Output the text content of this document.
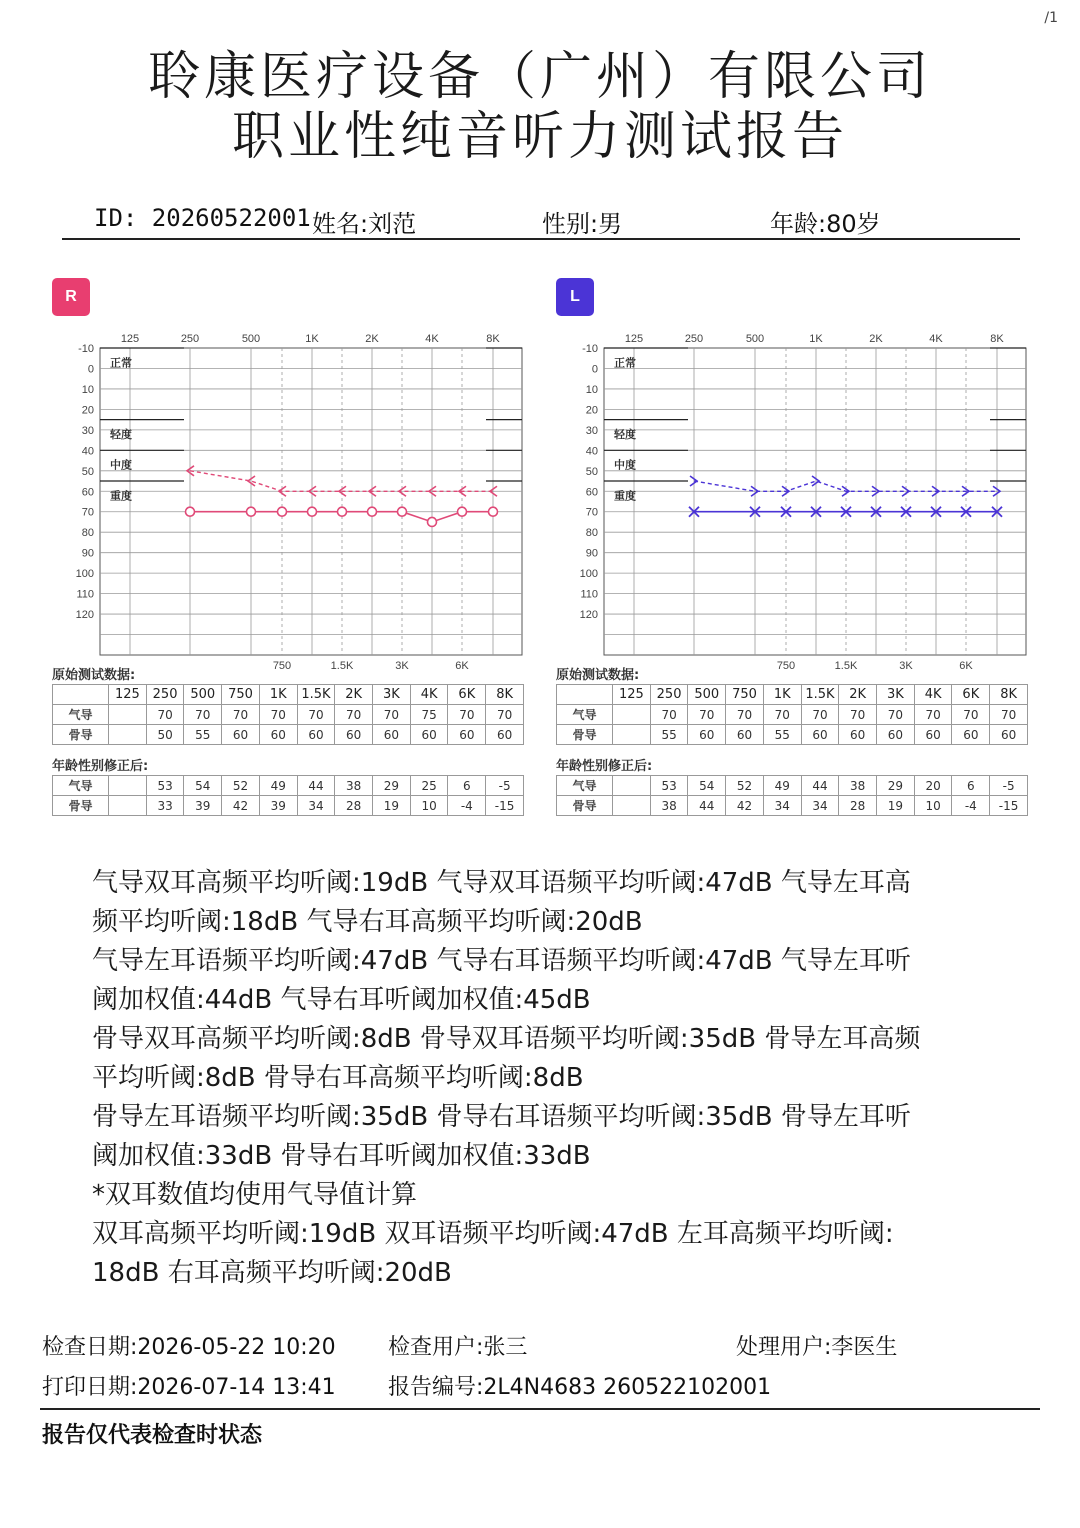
/1
聆康医疗设备（广州）有限公司
职业性纯音听力测试报告
ID: 20260522001 姓名:刘范	性别:男	年龄:80岁
R	L
125	250	500	1K	2K	4K	8K
750	1.5K	3K	6K
-10
0
10
20
30
40
50
60
70
80
90
100
110
120
正常
轻度
中度
重度
125	250	500	1K	2K	4K	8K
750	1.5K	3K	6K
-10
0
10
20
30
40
50
60
70
80
90
100
110
120
正常
轻度
中度
重度
原始测试数据:	原始测试数据:
年龄性别修正后:	年龄性别修正后:
	125	250	500	750	1K	1.5K	2K	3K	4K	6K	8K
气导		70	70	70	70	70	70	70	75	70	70
骨导		50	55	60	60	60	60	60	60	60	60
	125	250	500	750	1K	1.5K	2K	3K	4K	6K	8K
气导		70	70	70	70	70	70	70	70	70	70
骨导		55	60	60	55	60	60	60	60	60	60
气导		53	54	52	49	44	38	29	25	6	-5
骨导		33	39	42	39	34	28	19	10	-4	-15
气导		53	54	52	49	44	38	29	20	6	-5
骨导		38	44	42	34	34	28	19	10	-4	-15
气导双耳高频平均听阈:19dB 气导双耳语频平均听阈:47dB 气导左耳高
频平均听阈:18dB 气导右耳高频平均听阈:20dB
气导左耳语频平均听阈:47dB 气导右耳语频平均听阈:47dB 气导左耳听
阈加权值:44dB 气导右耳听阈加权值:45dB
骨导双耳高频平均听阈:8dB 骨导双耳语频平均听阈:35dB 骨导左耳高频
平均听阈:8dB 骨导右耳高频平均听阈:8dB
骨导左耳语频平均听阈:35dB 骨导右耳语频平均听阈:35dB 骨导左耳听
阈加权值:33dB 骨导右耳听阈加权值:33dB
*双耳数值均使用气导值计算
双耳高频平均听阈:19dB 双耳语频平均听阈:47dB 左耳高频平均听阈:
18dB 右耳高频平均听阈:20dB
检查日期:2026-05-22 10:20 检查用户:张三	处理用户:李医生
打印日期:2026-07-14 13:41 报告编号:2L4N4683 260522102001
报告仅代表检查时状态
